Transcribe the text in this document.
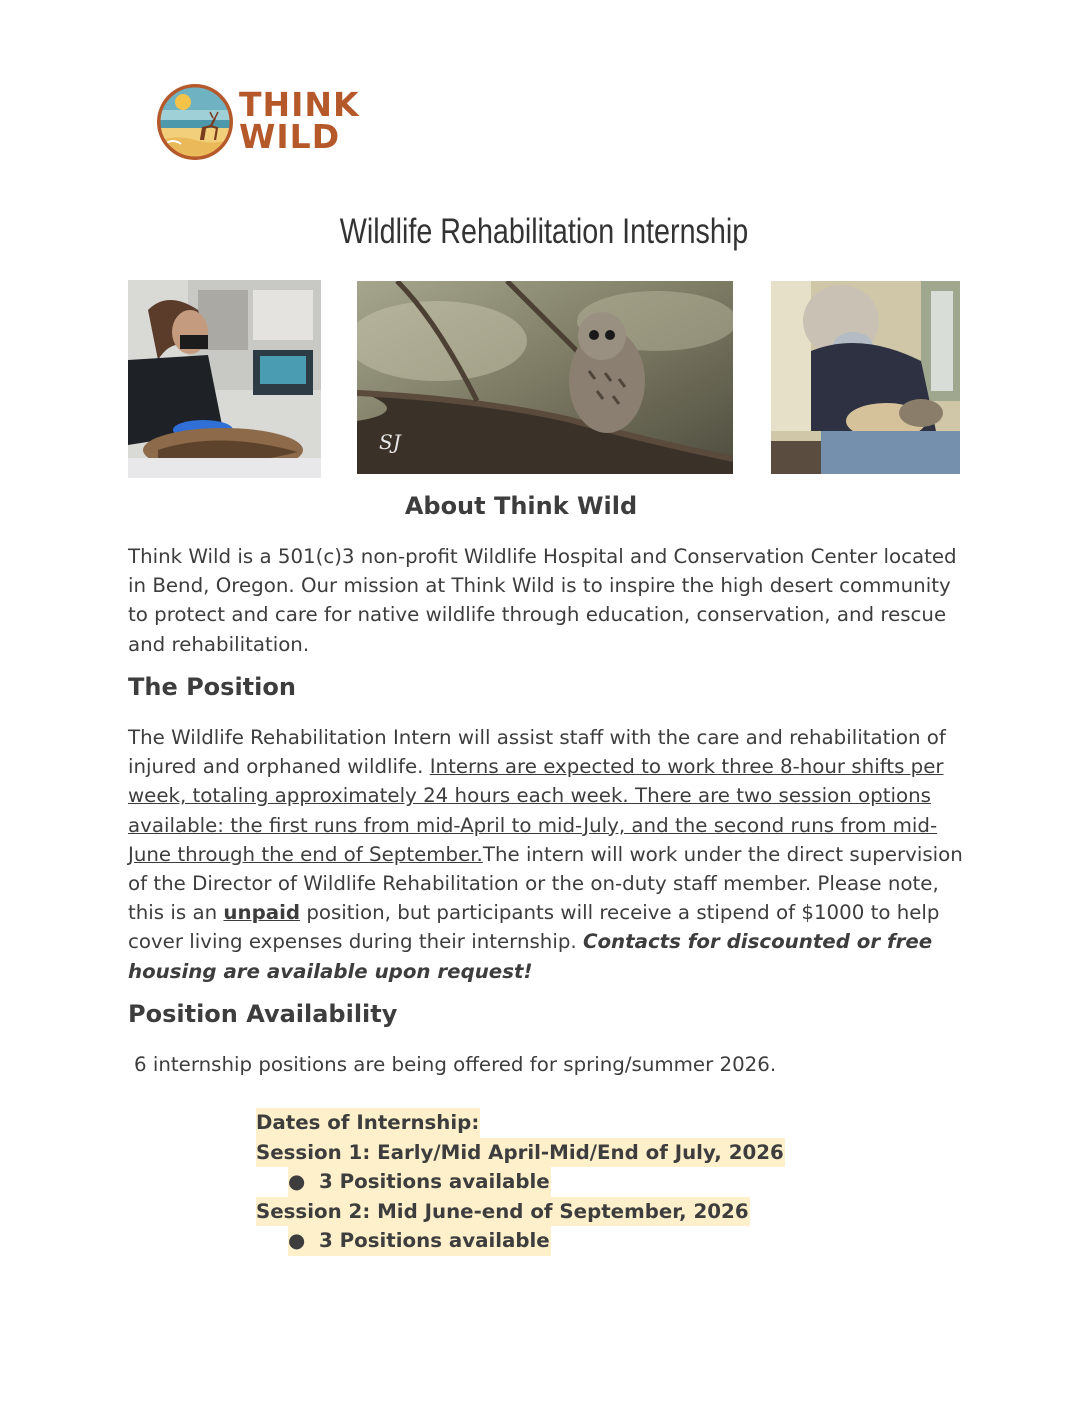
THINK
WILD
Wildlife Rehabilitation Internship
SJ
About Think Wild
Think Wild is a 501(c)3 non-profit Wildlife Hospital and Conservation Center located in Bend, Oregon. Our mission at Think Wild is to inspire the high desert community to protect and care for native wildlife through education, conservation, and rescue and rehabilitation.
The Position
The Wildlife Rehabilitation Intern will assist staff with the care and rehabilitation of injured and orphaned wildlife. Interns are expected to work three 8-hour shifts per week, totaling approximately 24 hours each week. There are two session options available: the first runs from mid-April to mid-July, and the second runs from mid-June through the end of September.The intern will work under the direct supervision of the Director of Wildlife Rehabilitation or the on-duty staff member. Please note, this is an unpaid position, but participants will receive a stipend of $1000 to help cover living expenses during their internship. Contacts for discounted or free housing are available upon request!
Position Availability
6 internship positions are being offered for spring/summer 2026.
Dates of Internship:
Session 1: Early/Mid April-Mid/End of July, 2026
● 3 Positions available
Session 2: Mid June-end of September, 2026
● 3 Positions available
